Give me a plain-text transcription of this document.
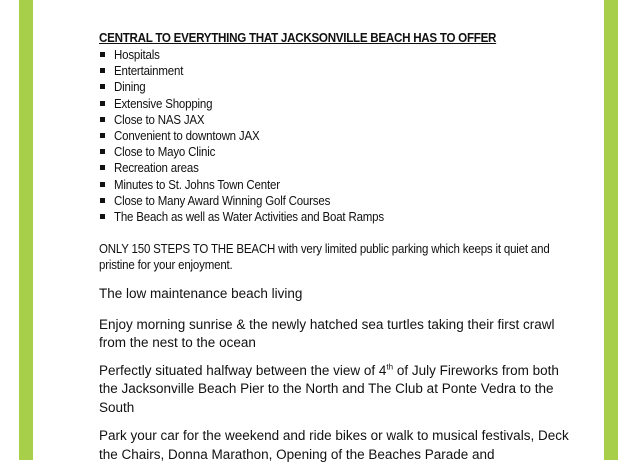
CENTRAL TO EVERYTHING THAT JACKSONVILLE BEACH HAS TO OFFER
Hospitals
Entertainment
Dining
Extensive Shopping
Close to NAS JAX
Convenient to downtown JAX
Close to Mayo Clinic
Recreation areas
Minutes to St. Johns Town Center
Close to Many Award Winning Golf Courses
The Beach as well as Water Activities and Boat Ramps
ONLY 150 STEPS TO THE BEACH with very limited public parking which keeps it quiet and pristine for your enjoyment.

The low maintenance beach living

Enjoy morning sunrise & the newly hatched sea turtles taking their first crawl from the nest to the ocean

Perfectly situated halfway between the view of 4th of July Fireworks from both the Jacksonville Beach Pier to the North and The Club at Ponte Vedra to the South

Park your car for the weekend and ride bikes or walk to musical festivals, Deck the Chairs, Donna Marathon, Opening of the Beaches Parade and
